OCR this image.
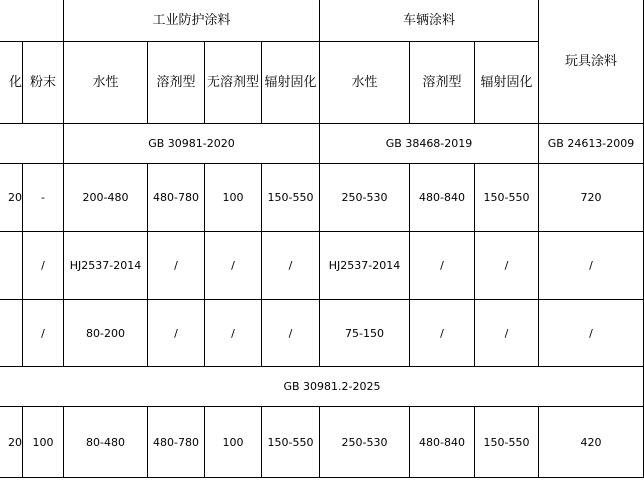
		工业防护涂料				车辆涂料			玩具涂料
化	粉末	水性	溶剂型	无溶剂型	辐射固化	水性	溶剂型	辐射固化	
		GB 30981-2020				GB 38468-2019			GB 24613-2009
20	-	200-480	480-780	100	150-550	250-530	480-840	150-550	720
	/	HJ2537-2014	/	/	/	HJ2537-2014	/	/	/
	/	80-200	/	/	/	75-150	/	/	/
GB 30981.2-2025									
20	100	80-480	480-780	100	150-550	250-530	480-840	150-550	420
